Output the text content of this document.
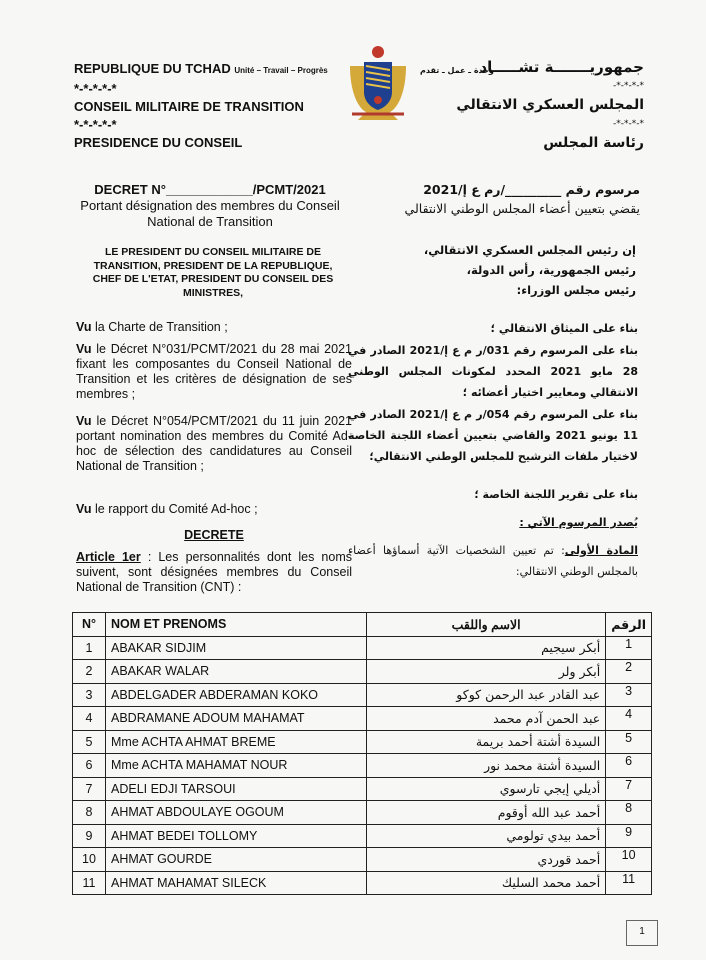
REPUBLIQUE DU TCHAD Unité – Travail – Progrès
*-*-*-*-*
CONSEIL MILITAIRE DE TRANSITION
*-*-*-*-*
PRESIDENCE DU CONSEIL
وحدة ـ عمل ـ تقدم
جمهوريـــــــة تشـــــاد
*-*-*-*-
المجلس العسكري الانتقالي
*-*-*-*-
رئاسة المجلس
DECRET N°____________/PCMT/2021
Portant désignation des membres du Conseil National de Transition
مرسوم رقم _________/رم ع إ/2021
يقضي بتعيين أعضاء المجلس الوطني الانتقالي
LE PRESIDENT DU CONSEIL MILITAIRE DE TRANSITION, PRESIDENT DE LA REPUBLIQUE, CHEF DE L'ETAT, PRESIDENT DU CONSEIL DES MINISTRES,
إن رئيس المجلس العسكري الانتقالي،
رئيس الجمهورية، رأس الدولة،
رئيس مجلس الوزراء:
Vu la Charte de Transition ;
Vu le Décret N°031/PCMT/2021 du 28 mai 2021 fixant les composantes du Conseil National de Transition et les critères de désignation de ses membres ;
Vu le Décret N°054/PCMT/2021 du 11 juin 2021 portant nomination des membres du Comité Ad-hoc de sélection des candidatures au Conseil National de Transition ;
Vu le rapport du Comité Ad-hoc ;
DECRETE
Article 1er : Les personnalités dont les noms suivent, sont désignées membres du Conseil National de Transition (CNT) :
بناء على الميثاق الانتقالي ؛
بناء على المرسوم رقم 031/ر م ع إ/2021 الصادر في 28 مايو 2021 المحدد لمكونات المجلس الوطني الانتقالي ومعايير اختيار أعضائه ؛
بناء على المرسوم رقم 054/ر م ع إ/2021 الصادر في 11 يونيو 2021 والقاضي بتعيين أعضاء اللجنة الخاصة لاختيار ملفات الترشيح للمجلس الوطني الانتقالي؛
بناء على تقرير اللجنة الخاصة ؛
يُصدر المرسوم الآتي :
المادة الأولى: تم تعيين الشخصيات الآتية أسماؤها أعضاء بالمجلس الوطني الانتقالي:
N°	NOM ET PRENOMS	الاسم واللقب	الرقم
1	ABAKAR SIDJIM	أبكر سيجيم	1
2	ABAKAR WALAR	أبكر ولر	2
3	ABDELGADER ABDERAMAN KOKO	عبد القادر عبد الرحمن كوكو	3
4	ABDRAMANE ADOUM MAHAMAT	عبد الحمن آدم محمد	4
5	Mme ACHTA AHMAT BREME	السيدة أشتة أحمد بريمة	5
6	Mme ACHTA MAHAMAT NOUR	السيدة أشتة محمد نور	6
7	ADELI EDJI TARSOUI	أديلي إيجي تارسوي	7
8	AHMAT ABDOULAYE OGOUM	أحمد عبد الله أوقوم	8
9	AHMAT BEDEI TOLLOMY	أحمد بيدي تولومي	9
10	AHMAT GOURDE	أحمد قوردي	10
11	AHMAT MAHAMAT SILECK	أحمد محمد السليك	11
1
